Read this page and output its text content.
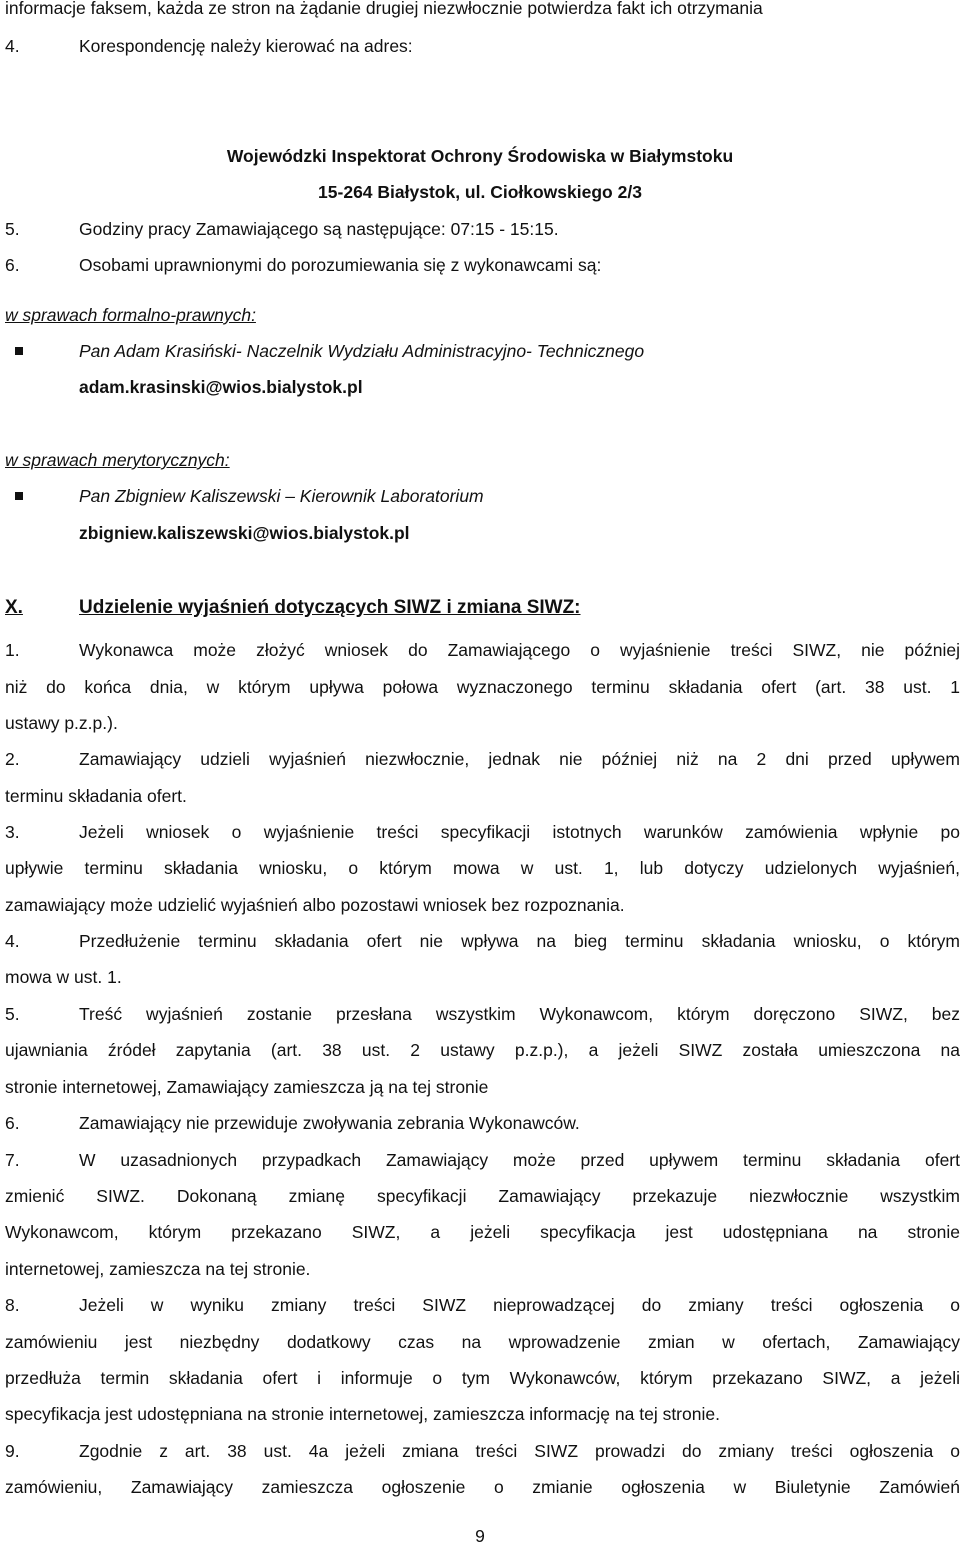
informacje faksem, każda ze stron na żądanie drugiej niezwłocznie potwierdza fakt ich otrzymania
4.	Korespondencję należy kierować na adres:
Wojewódzki Inspektorat Ochrony Środowiska w Białymstoku
15-264 Białystok, ul. Ciołkowskiego 2/3
5.	Godziny pracy Zamawiającego są następujące: 07:15 - 15:15.
6.	Osobami uprawnionymi do porozumiewania się z wykonawcami są:
w sprawach formalno-prawnych:
Pan Adam Krasiński- Naczelnik Wydziału Administracyjno- Technicznego
adam.krasinski@wios.bialystok.pl
w sprawach merytorycznych:
Pan Zbigniew Kaliszewski – Kierownik Laboratorium
zbigniew.kaliszewski@wios.bialystok.pl
X.	Udzielenie wyjaśnień dotyczących SIWZ i zmiana SIWZ:
1.	Wykonawca może złożyć wniosek do Zamawiającego o wyjaśnienie treści SIWZ, nie później
niż do końca dnia, w którym upływa połowa wyznaczonego terminu składania ofert (art. 38 ust. 1
ustawy p.z.p.).
2.	Zamawiający udzieli wyjaśnień niezwłocznie, jednak nie później niż na 2 dni przed upływem
terminu składania ofert.
3.	Jeżeli wniosek o wyjaśnienie treści specyfikacji istotnych warunków zamówienia wpłynie po
upływie terminu składania wniosku, o którym mowa w ust. 1, lub dotyczy udzielonych wyjaśnień,
zamawiający może udzielić wyjaśnień albo pozostawi wniosek bez rozpoznania.
4.	Przedłużenie terminu składania ofert nie wpływa na bieg terminu składania wniosku, o którym
mowa w ust. 1.
5.	Treść wyjaśnień zostanie przesłana wszystkim Wykonawcom, którym doręczono SIWZ, bez
ujawniania źródeł zapytania (art. 38 ust. 2 ustawy p.z.p.), a jeżeli SIWZ została umieszczona na
stronie internetowej, Zamawiający zamieszcza ją na tej stronie
6.	Zamawiający nie przewiduje zwoływania zebrania Wykonawców.
7.	W uzasadnionych przypadkach Zamawiający może przed upływem terminu składania ofert
zmienić SIWZ. Dokonaną zmianę specyfikacji Zamawiający przekazuje niezwłocznie wszystkim
Wykonawcom, którym przekazano SIWZ, a jeżeli specyfikacja jest udostępniana na stronie
internetowej, zamieszcza na tej stronie.
8.	Jeżeli w wyniku zmiany treści SIWZ nieprowadzącej do zmiany treści ogłoszenia o
zamówieniu jest niezbędny dodatkowy czas na wprowadzenie zmian w ofertach, Zamawiający
przedłuża termin składania ofert i informuje o tym Wykonawców, którym przekazano SIWZ, a jeżeli
specyfikacja jest udostępniana na stronie internetowej, zamieszcza informację na tej stronie.
9.	Zgodnie z art. 38 ust. 4a jeżeli zmiana treści SIWZ prowadzi do zmiany treści ogłoszenia o
zamówieniu, Zamawiający zamieszcza ogłoszenie o zmianie ogłoszenia w Biuletynie Zamówień
9
